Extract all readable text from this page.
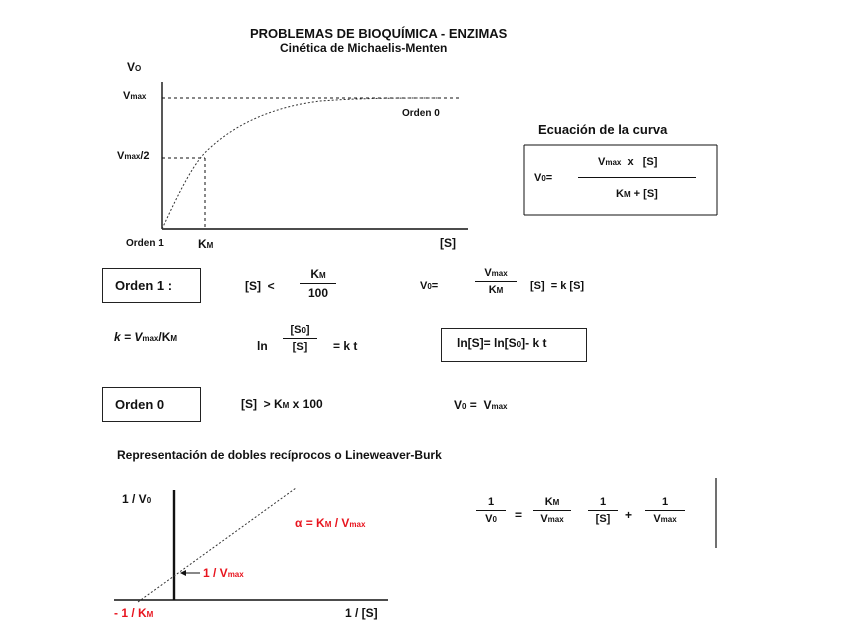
PROBLEMAS DE BIOQUÍMICA - ENZIMAS
Cinética de Michaelis-Menten
VO
Vmax
Vmax/2
Orden 0
Orden 1	KM	[S]
Ecuación de la curva
V0=
Vmax  x   [S]
KM + [S]
Orden 1 :	$[S] < \frac{KM}{100}$	V0=
Vmax
KM	[S]  = k [S]
k = Vmax/KM
$\ln \frac{[S0]}{[S]} = k$ t	ln[S]= ln[S0]- k t
Orden 0	[S]  > KM x 100	V0 =  Vmax
Representación de dobles recíprocos o Lineweaver-Burk
1 / V0
α = KM / Vmax
1 / Vmax
- 1 / KM	1 / [S]
$\frac{1}{V0}$ =
KM
Vmax	$\frac{1}{[S]}$ +
1
Vmax
